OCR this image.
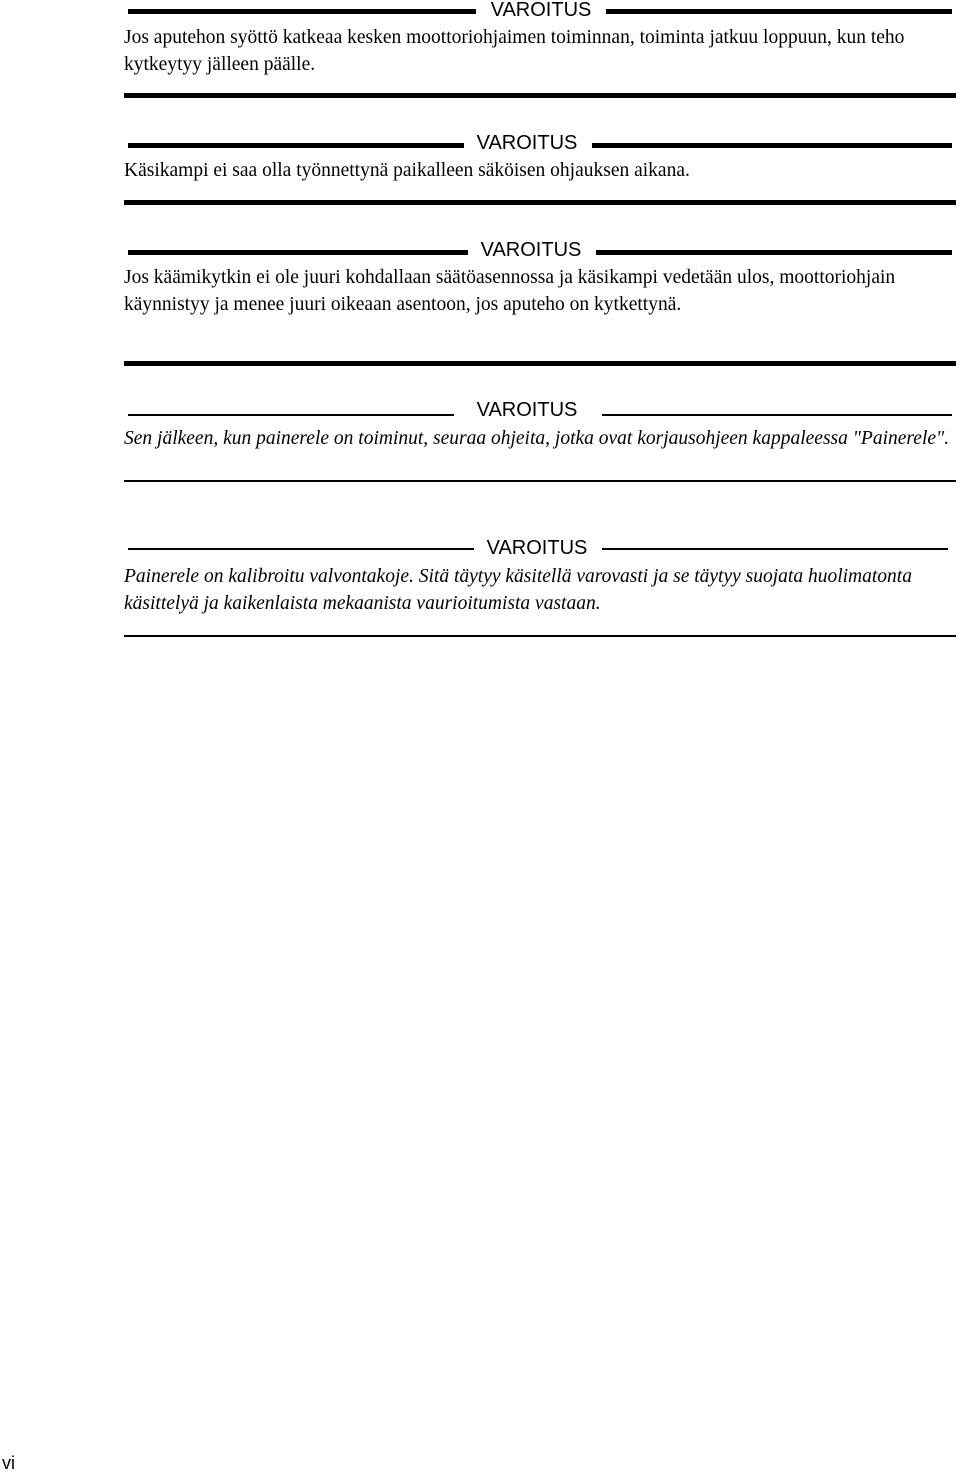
VAROITUS

Jos aputehon syöttö katkeaa kesken moottoriohjaimen toiminnan, toiminta jatkuu loppuun, kun teho kytkeytyy jälleen päälle.

VAROITUS

Käsikampi ei saa olla työnnettynä paikalleen säköisen ohjauksen aikana.

VAROITUS

Jos käämikytkin ei ole juuri kohdallaan säätöasennossa ja käsikampi vedetään ulos, moottoriohjain käynnistyy ja menee juuri oikeaan asentoon, jos aputeho on kytkettynä.

VAROITUS

Sen jälkeen, kun painerele on toiminut, seuraa ohjeita, jotka ovat korjausohjeen kappaleessa "Painerele".

VAROITUS

Painerele on kalibroitu valvontakoje. Sitä täytyy käsitellä varovasti ja se täytyy suojata huolimatonta käsittelyä ja kaikenlaista mekaanista vaurioitumista vastaan.

vi
